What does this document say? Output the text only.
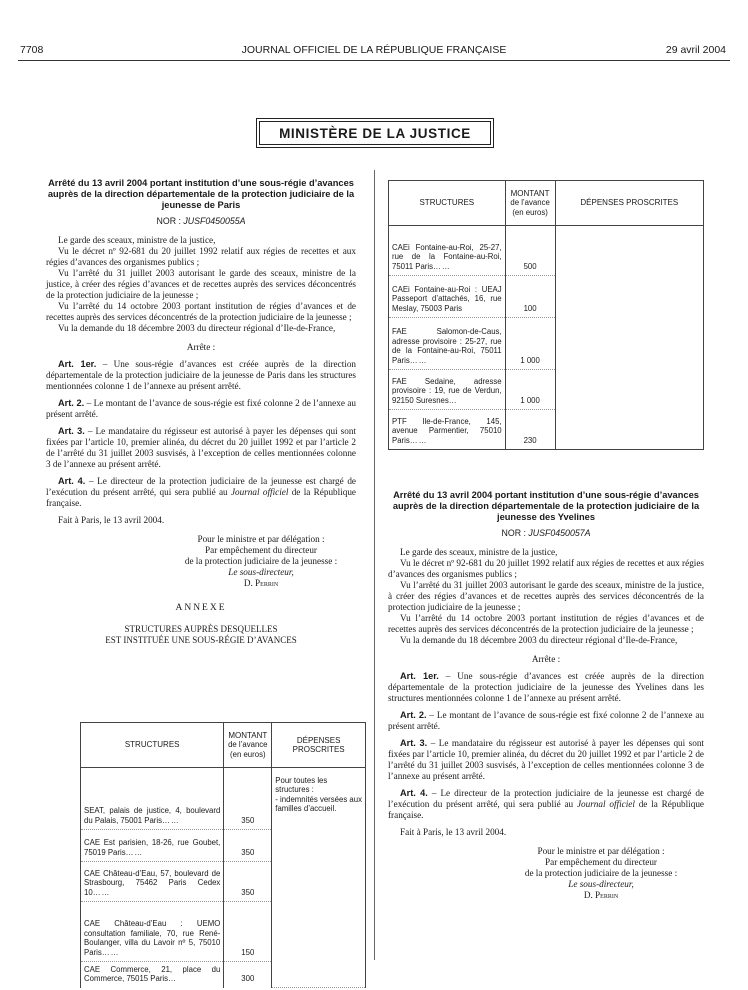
7708	JOURNAL OFFICIEL DE LA RÉPUBLIQUE FRANÇAISE	29 avril 2004
MINISTÈRE DE LA JUSTICE
Arrêté du 13 avril 2004 portant institution d’une sous-régie d’avances auprès de la direction départementale de la protection judiciaire de la jeunesse de Paris
NOR : JUSF0450055A

Le garde des sceaux, ministre de la justice,

Vu le décret nº 92-681 du 20 juillet 1992 relatif aux régies de recettes et aux régies d’avances des organismes publics ;

Vu l’arrêté du 31 juillet 2003 autorisant le garde des sceaux, ministre de la justice, à créer des régies d’avances et de recettes auprès des services déconcentrés de la protection judiciaire de la jeunesse ;

Vu l’arrêté du 14 octobre 2003 portant institution de régies d’avances et de recettes auprès des services déconcentrés de la protection judiciaire de la jeunesse ;

Vu la demande du 18 décembre 2003 du directeur régional d’Ile-de-France,

Arrête :

Art. 1er. – Une sous-régie d’avances est créée auprès de la direction départementale de la protection judiciaire de la jeunesse de Paris dans les structures mentionnées colonne 1 de l’annexe au présent arrêté.

Art. 2. – Le montant de l’avance de sous-régie est fixé colonne 2 de l’annexe au présent arrêté.

Art. 3. – Le mandataire du régisseur est autorisé à payer les dépenses qui sont fixées par l’article 10, premier alinéa, du décret du 20 juillet 1992 et par l’article 2 de l’arrêté du 31 juillet 2003 susvisés, à l’exception de celles mentionnées colonne 3 de l’annexe au présent arrêté.

Art. 4. – Le directeur de la protection judiciaire de la jeunesse est chargé de l’exécution du présent arrêté, qui sera publié au Journal officiel de la République française.

Fait à Paris, le 13 avril 2004.

Pour le ministre et par délégation :
Par empêchement du directeur
de la protection judiciaire de la jeunesse :
Le sous-directeur,
D. Perrin
ANNEXE
STRUCTURES AUPRÈS DESQUELLES
EST INSTITUÉE UNE SOUS-RÉGIE D’AVANCES
STRUCTURES	MONTANT
de l’avance
(en euros)	DÉPENSES PROSCRITES
SEAT, palais de justice, 4, boulevard du Palais, 75001 Paris……	350	Pour toutes les structures :
- indemnités versées aux familles d’accueil.

CAE Est parisien, 18-26, rue Goubet, 75019 Paris……	350	
CAE Château-d’Eau, 57, boulevard de Strasbourg, 75462 Paris Cedex 10……	350	
CAE Château-d’Eau : UEMO consultation familiale, 70, rue René-Boulanger, villa du Lavoir nº 5, 75010 Paris……	150	
CAE Commerce, 21, place du Commerce, 75015 Paris…	300	
STRUCTURES	MONTANT
de l’avance
(en euros)	DÉPENSES PROSCRITES
CAEi Fontaine-au-Roi, 25-27, rue de la Fontaine-au-Roi, 75011 Paris……	500	
CAEi Fontaine-au-Roi : UEAJ Passeport d’attachés, 16, rue Meslay, 75003 Paris	100	
FAE Salomon-de-Caus, adresse provisoire : 25-27, rue de la Fontaine-au-Roi, 75011 Paris……	1 000	
FAE Sedaine, adresse provisoire : 19, rue de Verdun, 92150 Suresnes…	1 000	
PTF Ile-de-France, 145, avenue Parmentier, 75010 Paris……	230	
Arrêté du 13 avril 2004 portant institution d’une sous-régie d’avances auprès de la direction départementale de la protection judiciaire de la jeunesse des Yvelines
NOR : JUSF0450057A

Le garde des sceaux, ministre de la justice,

Vu le décret nº 92-681 du 20 juillet 1992 relatif aux régies de recettes et aux régies d’avances des organismes publics ;

Vu l’arrêté du 31 juillet 2003 autorisant le garde des sceaux, ministre de la justice, à créer des régies d’avances et de recettes auprès des services déconcentrés de la protection judiciaire de la jeunesse ;

Vu l’arrêté du 14 octobre 2003 portant institution de régies d’avances et de recettes auprès des services déconcentrés de la protection judiciaire de la jeunesse ;

Vu la demande du 18 décembre 2003 du directeur régional d’Ile-de-France,

Arrête :

Art. 1er. – Une sous-régie d’avances est créée auprès de la direction départementale de la protection judiciaire de la jeunesse des Yvelines dans les structures mentionnées colonne 1 de l’annexe au présent arrêté.

Art. 2. – Le montant de l’avance de sous-régie est fixé colonne 2 de l’annexe au présent arrêté.

Art. 3. – Le mandataire du régisseur est autorisé à payer les dépenses qui sont fixées par l’article 10, premier alinéa, du décret du 20 juillet 1992 et par l’article 2 de l’arrêté du 31 juillet 2003 susvisés, à l’exception de celles mentionnées colonne 3 de l’annexe au présent arrêté.

Art. 4. – Le directeur de la protection judiciaire de la jeunesse est chargé de l’exécution du présent arrêté, qui sera publié au Journal officiel de la République française.

Fait à Paris, le 13 avril 2004.

Pour le ministre et par délégation :
Par empêchement du directeur
de la protection judiciaire de la jeunesse :
Le sous-directeur,
D. Perrin
